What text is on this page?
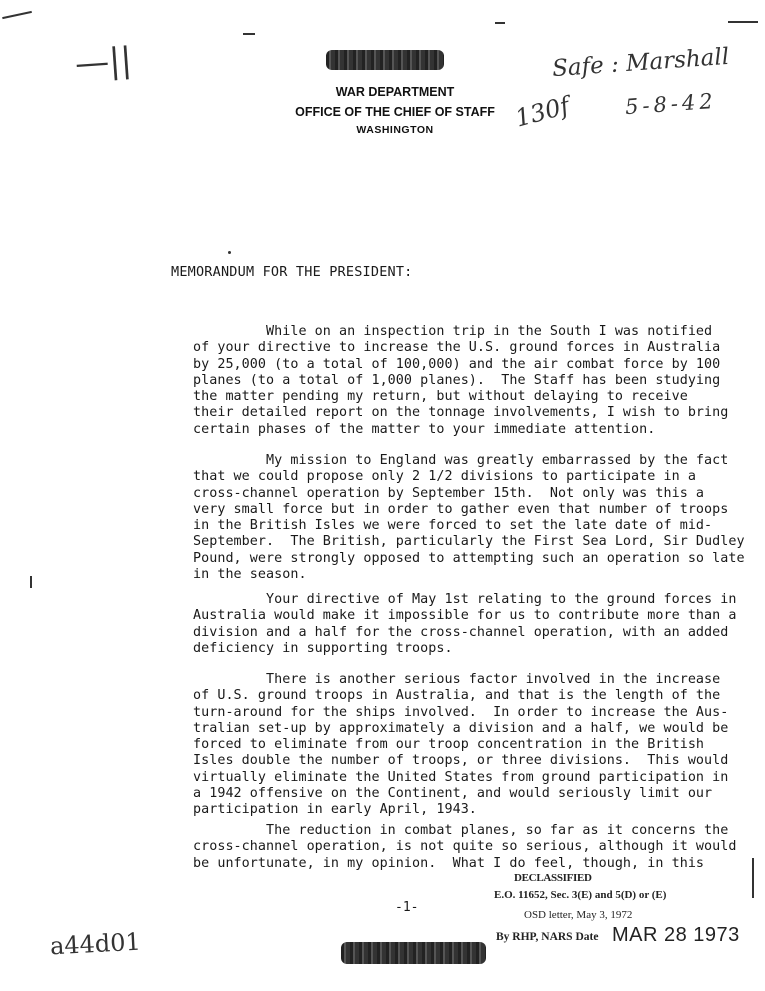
WAR DEPARTMENT
OFFICE OF THE CHIEF OF STAFF
WASHINGTON
—||	Safe : Marshall
5-8-42
130f
a44d01
MEMORANDUM FOR THE PRESIDENT:
While on an inspection trip in the South I was notified
of your directive to increase the U.S. ground forces in Australia
by 25,000 (to a total of 100,000) and the air combat force by 100
planes (to a total of 1,000 planes).  The Staff has been studying
the matter pending my return, but without delaying to receive
their detailed report on the tonnage involvements, I wish to bring
certain phases of the matter to your immediate attention.
My mission to England was greatly embarrassed by the fact
that we could propose only 2 1/2 divisions to participate in a
cross-channel operation by September 15th.  Not only was this a
very small force but in order to gather even that number of troops
in the British Isles we were forced to set the late date of mid-
September.  The British, particularly the First Sea Lord, Sir Dudley
Pound, were strongly opposed to attempting such an operation so late
in the season.
Your directive of May 1st relating to the ground forces in
Australia would make it impossible for us to contribute more than a
division and a half for the cross-channel operation, with an added
deficiency in supporting troops.
There is another serious factor involved in the increase
of U.S. ground troops in Australia, and that is the length of the
turn-around for the ships involved.  In order to increase the Aus-
tralian set-up by approximately a division and a half, we would be
forced to eliminate from our troop concentration in the British
Isles double the number of troops, or three divisions.  This would
virtually eliminate the United States from ground participation in
a 1942 offensive on the Continent, and would seriously limit our
participation in early April, 1943.
The reduction in combat planes, so far as it concerns the
cross-channel operation, is not quite so serious, although it would
be unfortunate, in my opinion.  What I do feel, though, in this
-1-
DECLASSIFIED
E.O. 11652, Sec. 3(E) and 5(D) or (E)
OSD letter, May 3, 1972
By RHP, NARS Date MAR 28 1973
